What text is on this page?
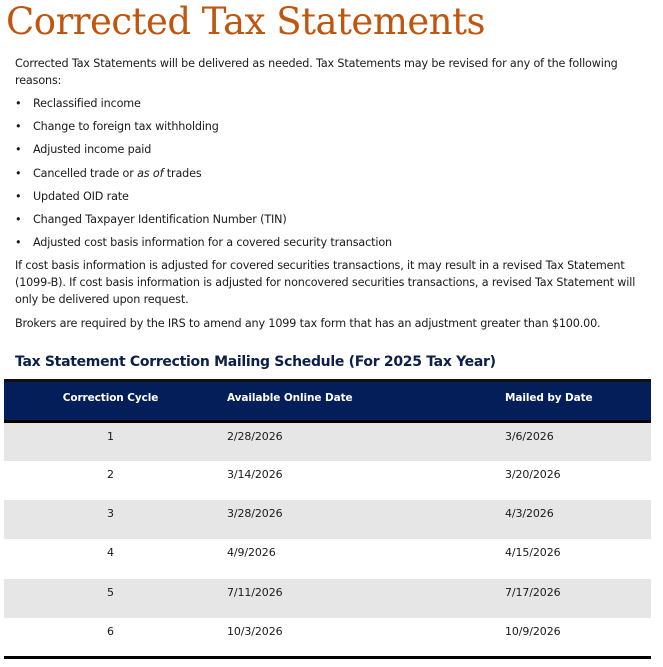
Corrected Tax Statements

Corrected Tax Statements will be delivered as needed. Tax Statements may be revised for any of the following reasons:

• Reclassified income
• Change to foreign tax withholding
• Adjusted income paid
• Cancelled trade or as of trades
• Updated OID rate
• Changed Taxpayer Identification Number (TIN)
• Adjusted cost basis information for a covered security transaction

If cost basis information is adjusted for covered securities transactions, it may result in a revised Tax Statement (1099-B). If cost basis information is adjusted for noncovered securities transactions, a revised Tax Statement will only be delivered upon request.

Brokers are required by the IRS to amend any 1099 tax form that has an adjustment greater than $100.00.

Tax Statement Correction Mailing Schedule (For 2025 Tax Year)
Correction Cycle	Available Online Date	Mailed by Date
1	2/28/2026	3/6/2026
2	3/14/2026	3/20/2026
3	3/28/2026	4/3/2026
4	4/9/2026	4/15/2026
5	7/11/2026	7/17/2026
6	10/3/2026	10/9/2026
